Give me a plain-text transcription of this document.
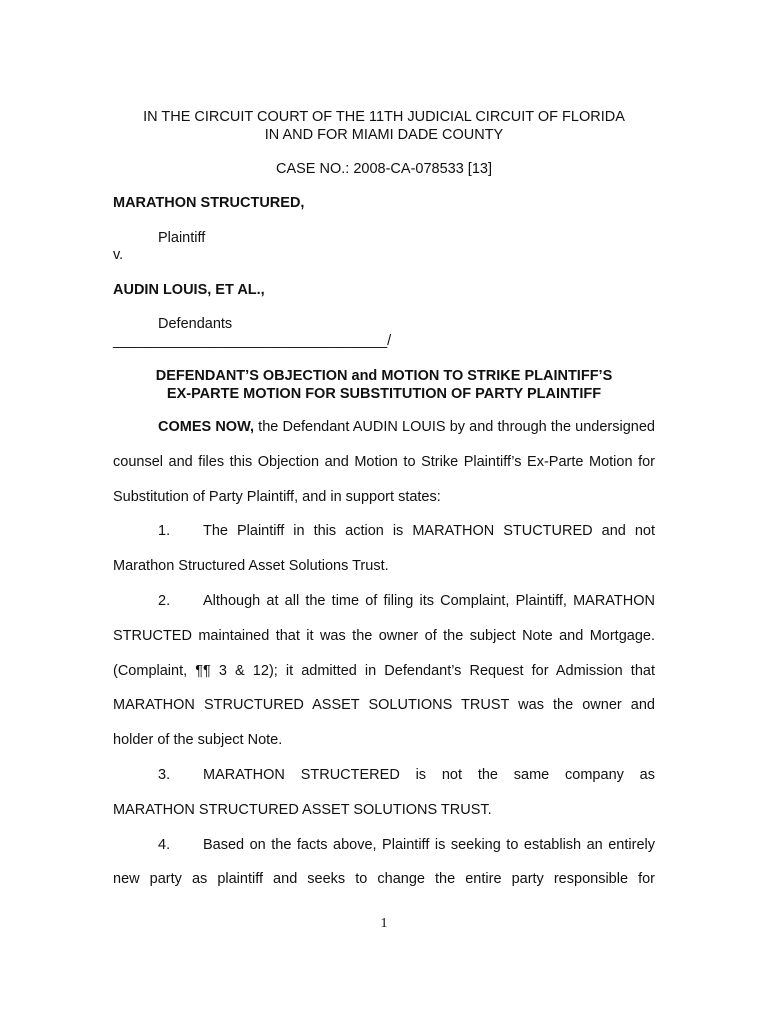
IN THE CIRCUIT COURT OF THE 11TH JUDICIAL CIRCUIT OF FLORIDA
IN AND FOR MIAMI DADE COUNTY
CASE NO.: 2008-CA-078533 [13]
MARATHON STRUCTURED,
Plaintiff
v.
AUDIN LOUIS, ET AL.,
Defendants
__________________________________/
DEFENDANT’S OBJECTION and MOTION TO STRIKE PLAINTIFF’S
EX-PARTE MOTION FOR SUBSTITUTION OF PARTY PLAINTIFF

COMES NOW, the Defendant AUDIN LOUIS by and through the undersigned counsel and files this Objection and Motion to Strike Plaintiff’s Ex-Parte Motion for Substitution of Party Plaintiff, and in support states:

1. The Plaintiff in this action is MARATHON STUCTURED and not Marathon Structured Asset Solutions Trust.

2. Although at all the time of filing its Complaint, Plaintiff, MARATHON STRUCTED maintained that it was the owner of the subject Note and Mortgage. (Complaint, ¶¶ 3 & 12); it admitted in Defendant’s Request for Admission that MARATHON STRUCTURED ASSET SOLUTIONS TRUST was the owner and holder of the subject Note.

3. MARATHON STRUCTERED is not the same company as MARATHON STRUCTURED ASSET SOLUTIONS TRUST.

4. Based on the facts above, Plaintiff is seeking to establish an entirely new party as plaintiff and seeks to change the entire party responsible for

1
